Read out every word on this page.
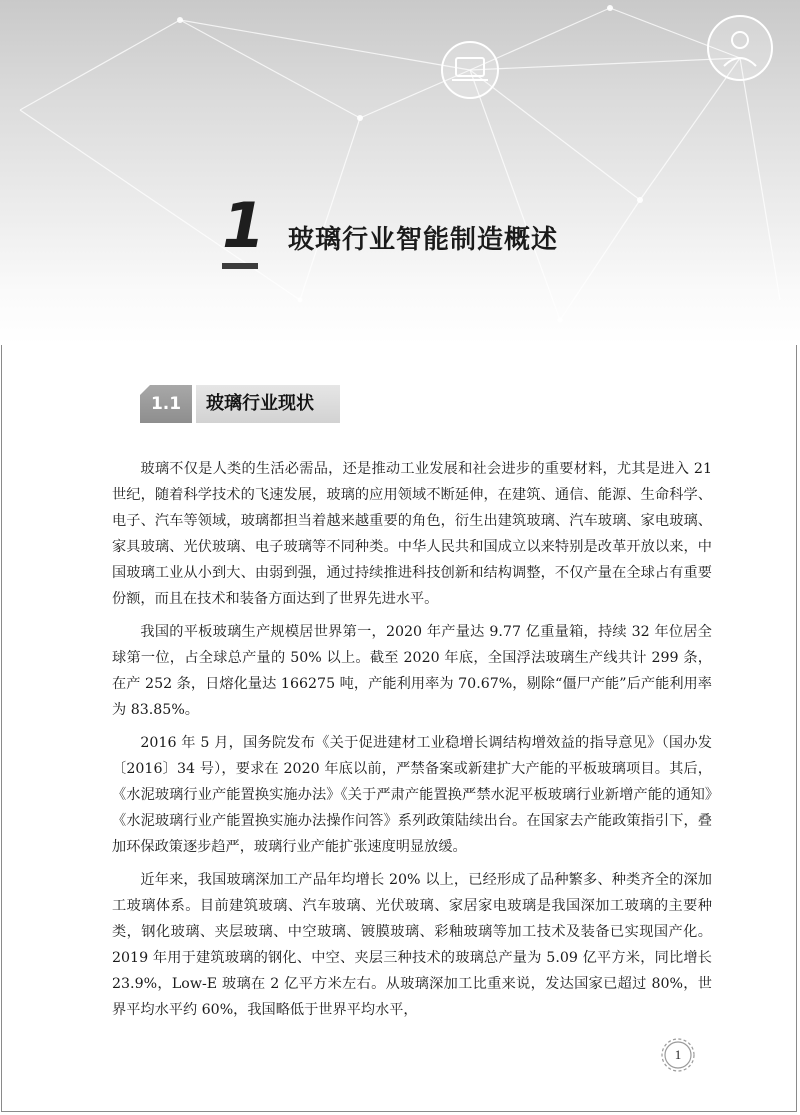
1 玻璃行业智能制造概述
1.1	玻璃行业现状

玻璃不仅是人类的生活必需品，还是推动工业发展和社会进步的重要材料，尤其是进入 21 世纪，随着科学技术的飞速发展，玻璃的应用领域不断延伸，在建筑、通信、能源、生命科学、电子、汽车等领域，玻璃都担当着越来越重要的角色，衍生出建筑玻璃、汽车玻璃、家电玻璃、家具玻璃、光伏玻璃、电子玻璃等不同种类。中华人民共和国成立以来特别是改革开放以来，中国玻璃工业从小到大、由弱到强，通过持续推进科技创新和结构调整，不仅产量在全球占有重要份额，而且在技术和装备方面达到了世界先进水平。

我国的平板玻璃生产规模居世界第一，2020 年产量达 9.77 亿重量箱，持续 32 年位居全球第一位，占全球总产量的 50% 以上。截至 2020 年底，全国浮法玻璃生产线共计 299 条，在产 252 条，日熔化量达 166275 吨，产能利用率为 70.67%，剔除“僵尸产能”后产能利用率为 83.85%。

2016 年 5 月，国务院发布《关于促进建材工业稳增长调结构增效益的指导意见》（国办发〔2016〕34 号），要求在 2020 年底以前，严禁备案或新建扩大产能的平板玻璃项目。其后，《水泥玻璃行业产能置换实施办法》《关于严肃产能置换严禁水泥平板玻璃行业新增产能的通知》《水泥玻璃行业产能置换实施办法操作问答》系列政策陆续出台。在国家去产能政策指引下，叠加环保政策逐步趋严，玻璃行业产能扩张速度明显放缓。

近年来，我国玻璃深加工产品年均增长 20% 以上，已经形成了品种繁多、种类齐全的深加工玻璃体系。目前建筑玻璃、汽车玻璃、光伏玻璃、家居家电玻璃是我国深加工玻璃的主要种类，钢化玻璃、夹层玻璃、中空玻璃、镀膜玻璃、彩釉玻璃等加工技术及装备已实现国产化。2019 年用于建筑玻璃的钢化、中空、夹层三种技术的玻璃总产量为 5.09 亿平方米，同比增长 23.9%，Low-E 玻璃在 2 亿平方米左右。从玻璃深加工比重来说，发达国家已超过 80%，世界平均水平约 60%，我国略低于世界平均水平，

1
